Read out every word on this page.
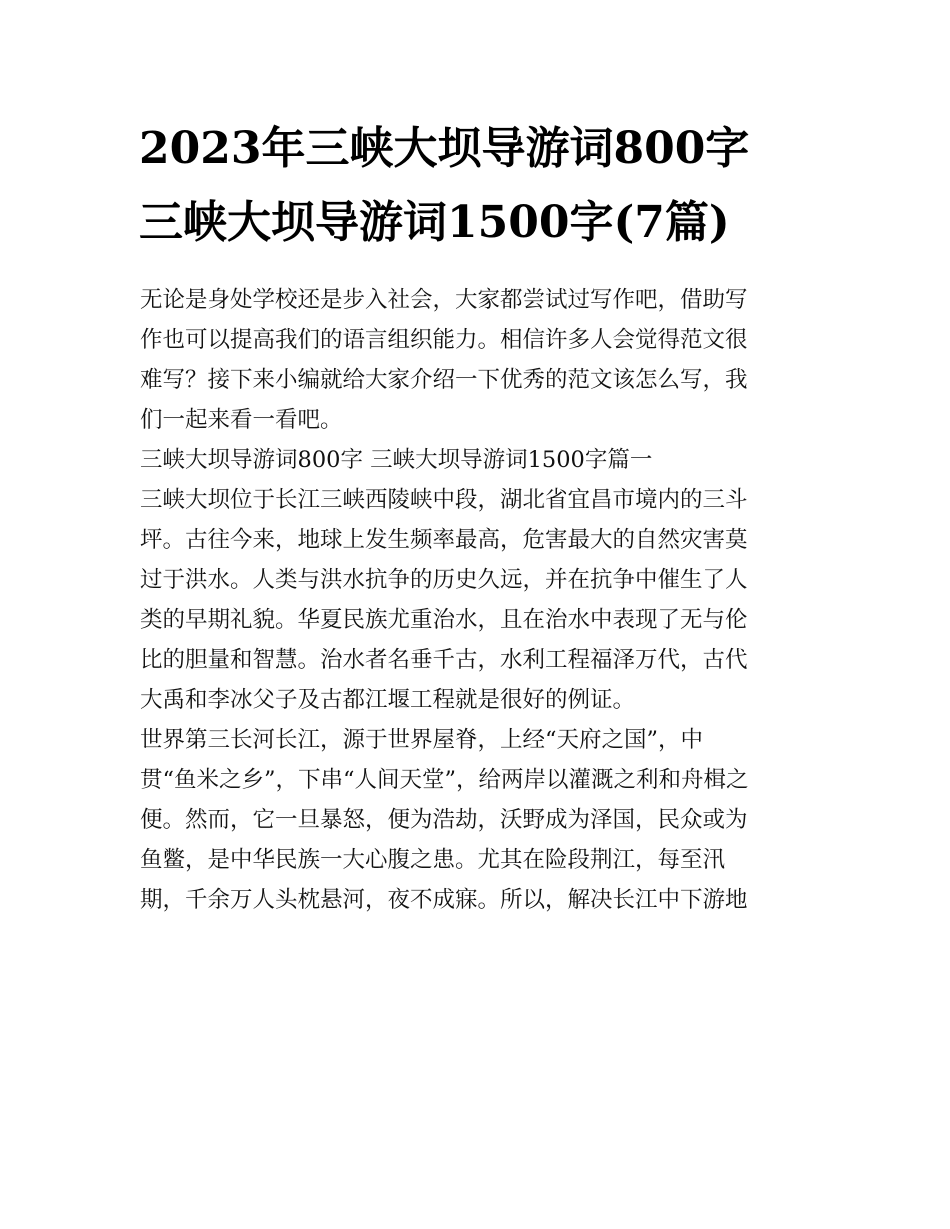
2023年三峡大坝导游词800字
三峡大坝导游词1500字(7篇)
无论是身处学校还是步入社会，大家都尝试过写作吧，借助写
作也可以提高我们的语言组织能力。相信许多人会觉得范文很
难写？接下来小编就给大家介绍一下优秀的范文该怎么写，我
们一起来看一看吧。
三峡大坝导游词800字 三峡大坝导游词1500字篇一
三峡大坝位于长江三峡西陵峡中段，湖北省宜昌市境内的三斗
坪。古往今来，地球上发生频率最高，危害最大的自然灾害莫
过于洪水。人类与洪水抗争的历史久远，并在抗争中催生了人
类的早期礼貌。华夏民族尤重治水，且在治水中表现了无与伦
比的胆量和智慧。治水者名垂千古，水利工程福泽万代，古代
大禹和李冰父子及古都江堰工程就是很好的例证。
世界第三长河长江，源于世界屋脊，上经“天府之国”，中
贯“鱼米之乡”，下串“人间天堂”，给两岸以灌溉之利和舟楫之
便。然而，它一旦暴怒，便为浩劫，沃野成为泽国，民众或为
鱼鳖，是中华民族一大心腹之患。尤其在险段荆江，每至汛
期，千余万人头枕悬河，夜不成寐。所以，解决长江中下游地
